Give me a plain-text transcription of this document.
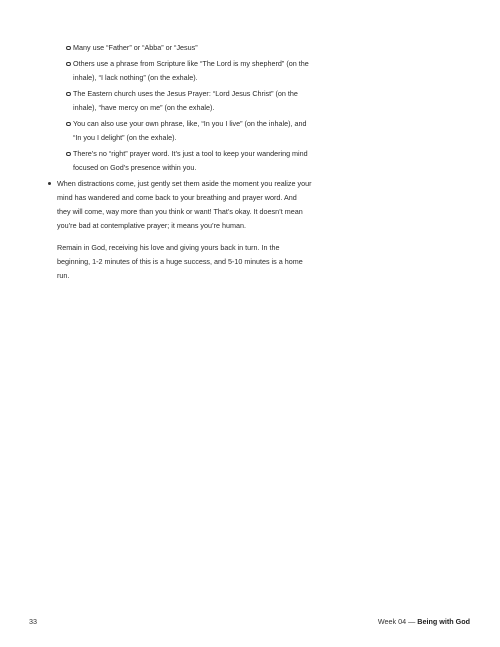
Many use “Father” or “Abba” or “Jesus”
Others use a phrase from Scripture like “The Lord is my shepherd” (on the inhale), “I lack nothing” (on the exhale).
The Eastern church uses the Jesus Prayer: “Lord Jesus Christ” (on the inhale), “have mercy on me” (on the exhale).
You can also use your own phrase, like, “In you I live” (on the inhale), and “In you I delight” (on the exhale).
There’s no “right” prayer word. It’s just a tool to keep your wandering mind focused on God’s presence within you.
When distractions come, just gently set them aside the moment you realize your mind has wandered and come back to your breathing and prayer word. And they will come, way more than you think or want! That’s okay. It doesn’t mean you’re bad at contemplative prayer; it means you’re human.

Remain in God, receiving his love and giving yours back in turn. In the beginning, 1-2 minutes of this is a huge success, and 5-10 minutes is a home run.

33	Week 04 — Being with God
